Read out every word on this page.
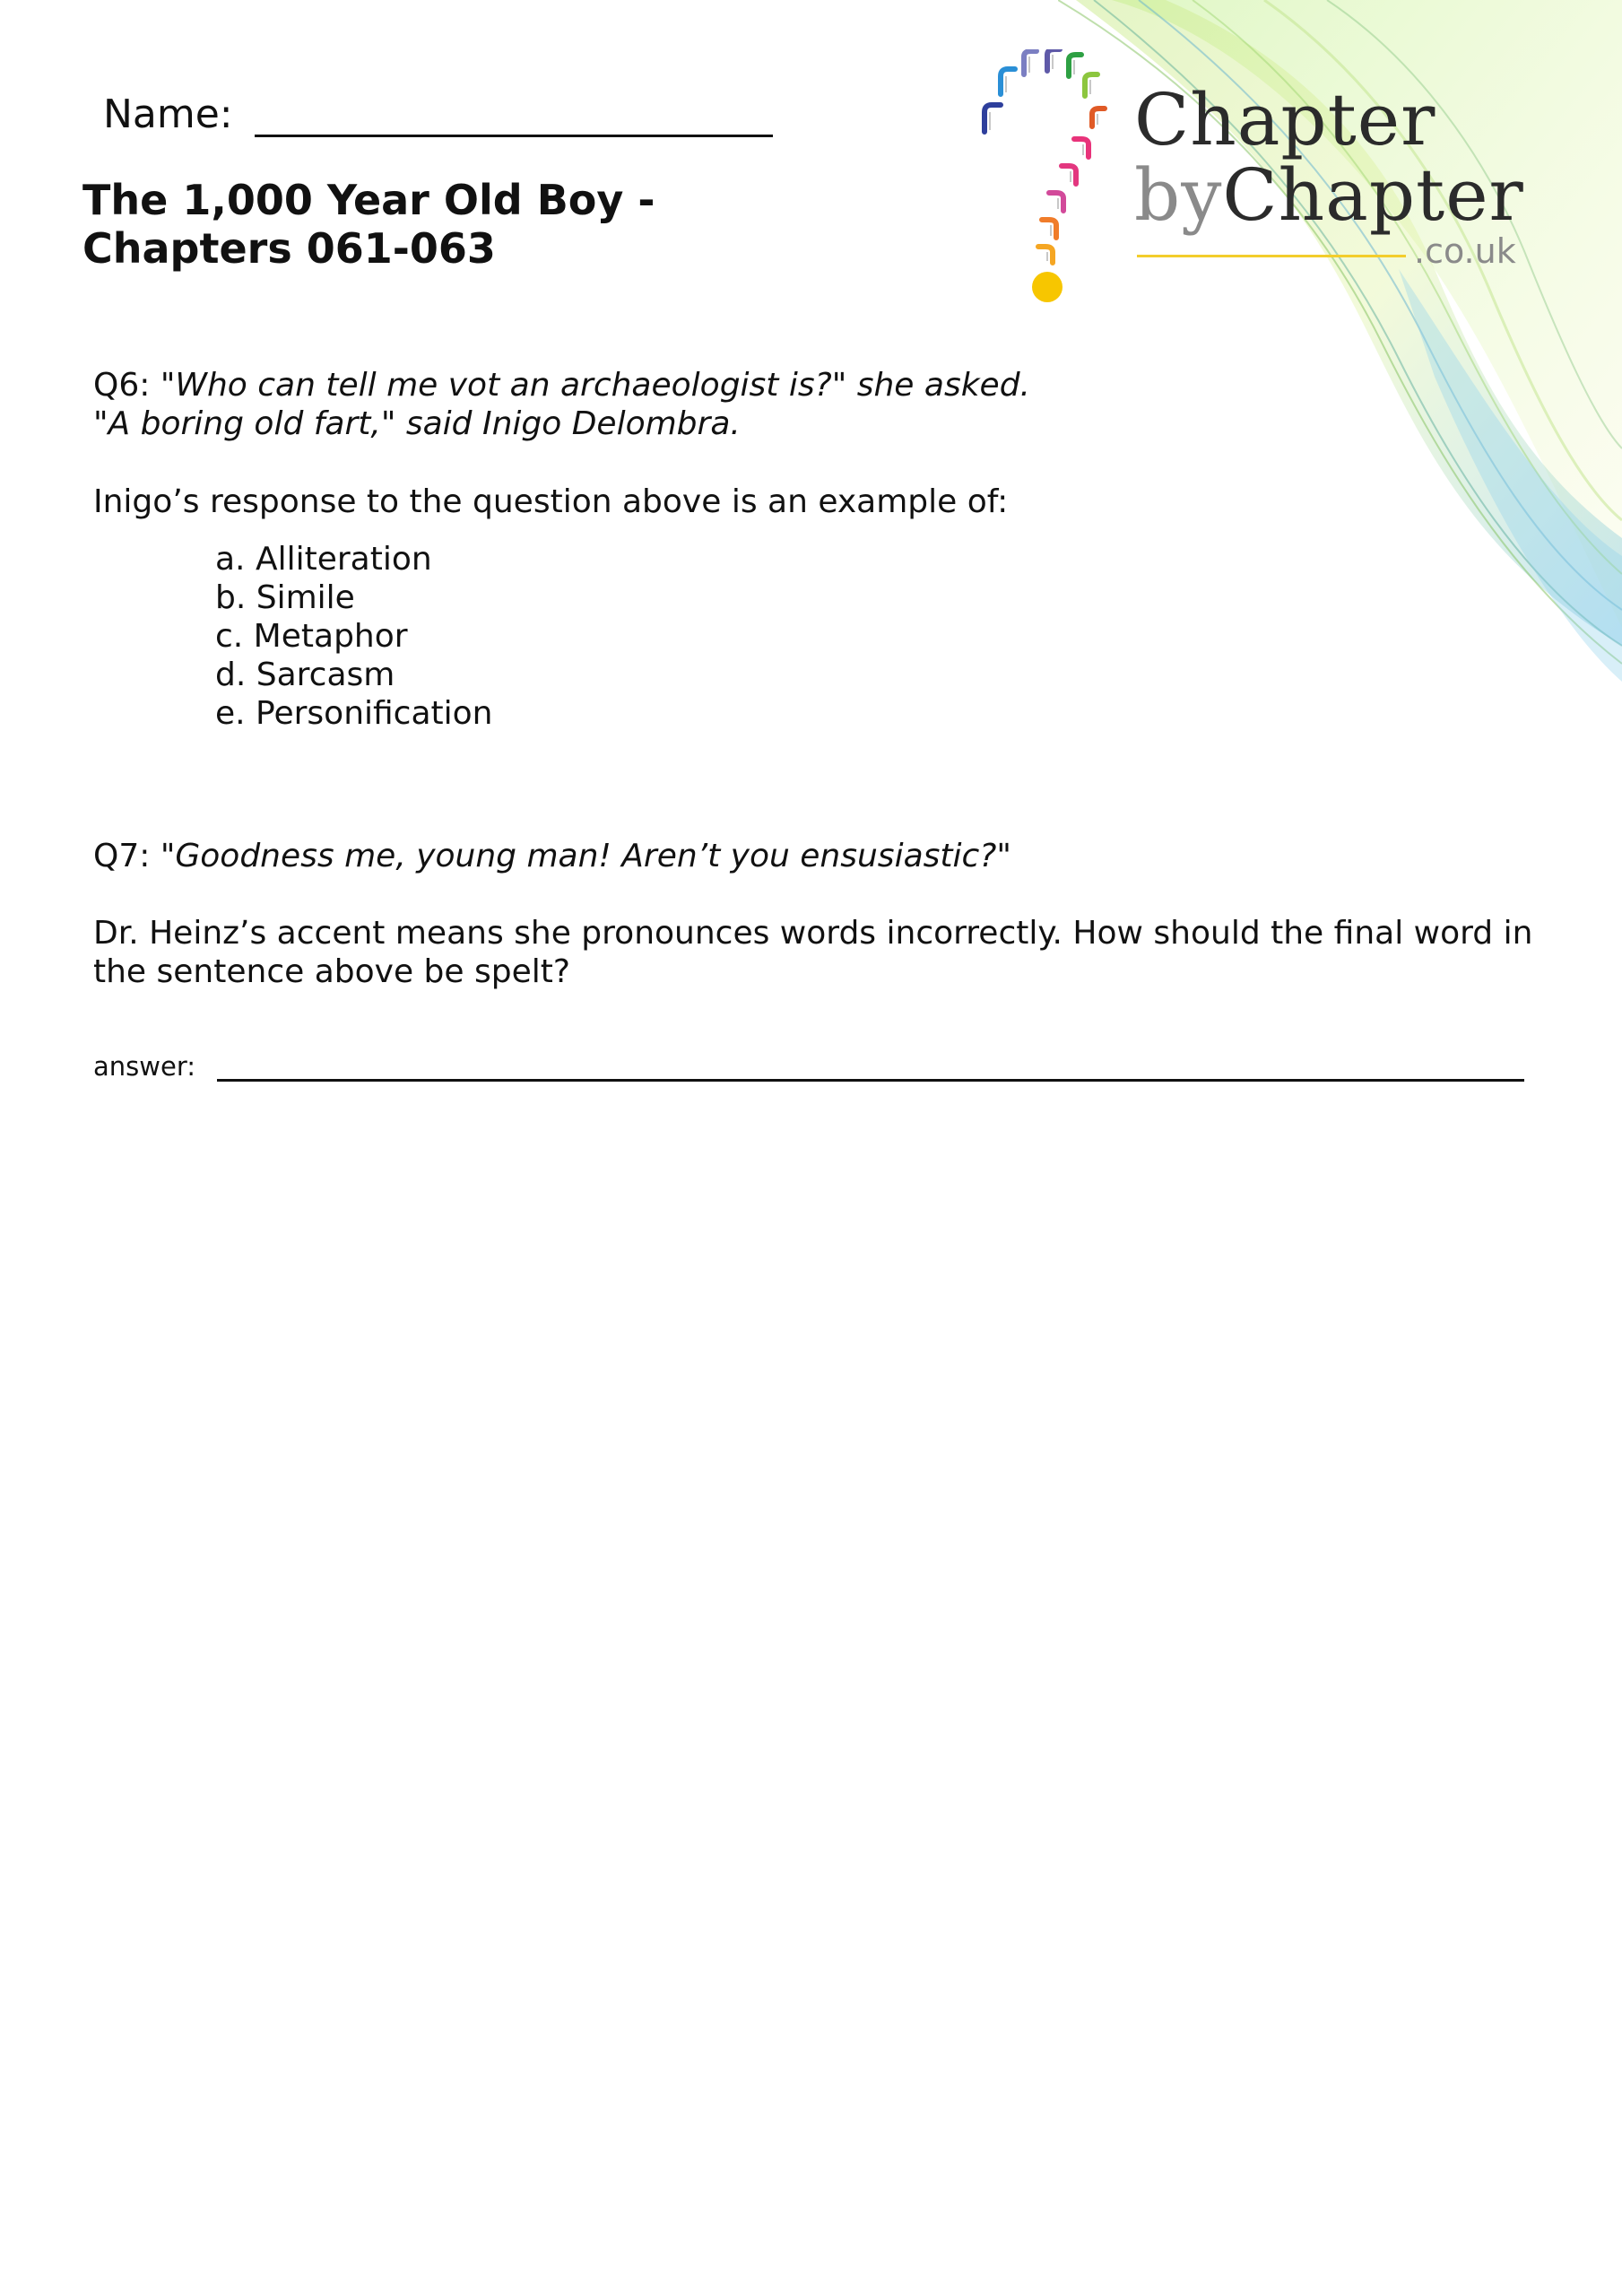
Chapter
byChapter
.co.uk
Name:
The 1,000 Year Old Boy -
Chapters 061-063
Q6: "Who can tell me vot an archaeologist is?" she asked.
"A boring old fart," said Inigo Delombra.
Inigo’s response to the question above is an example of:
a. Alliteration
b. Simile
c. Metaphor
d. Sarcasm
e. Personification
Q7: "Goodness me, young man! Aren’t you ensusiastic?"
Dr. Heinz’s accent means she pronounces words incorrectly. How should the final word in the sentence above be spelt?
answer:
